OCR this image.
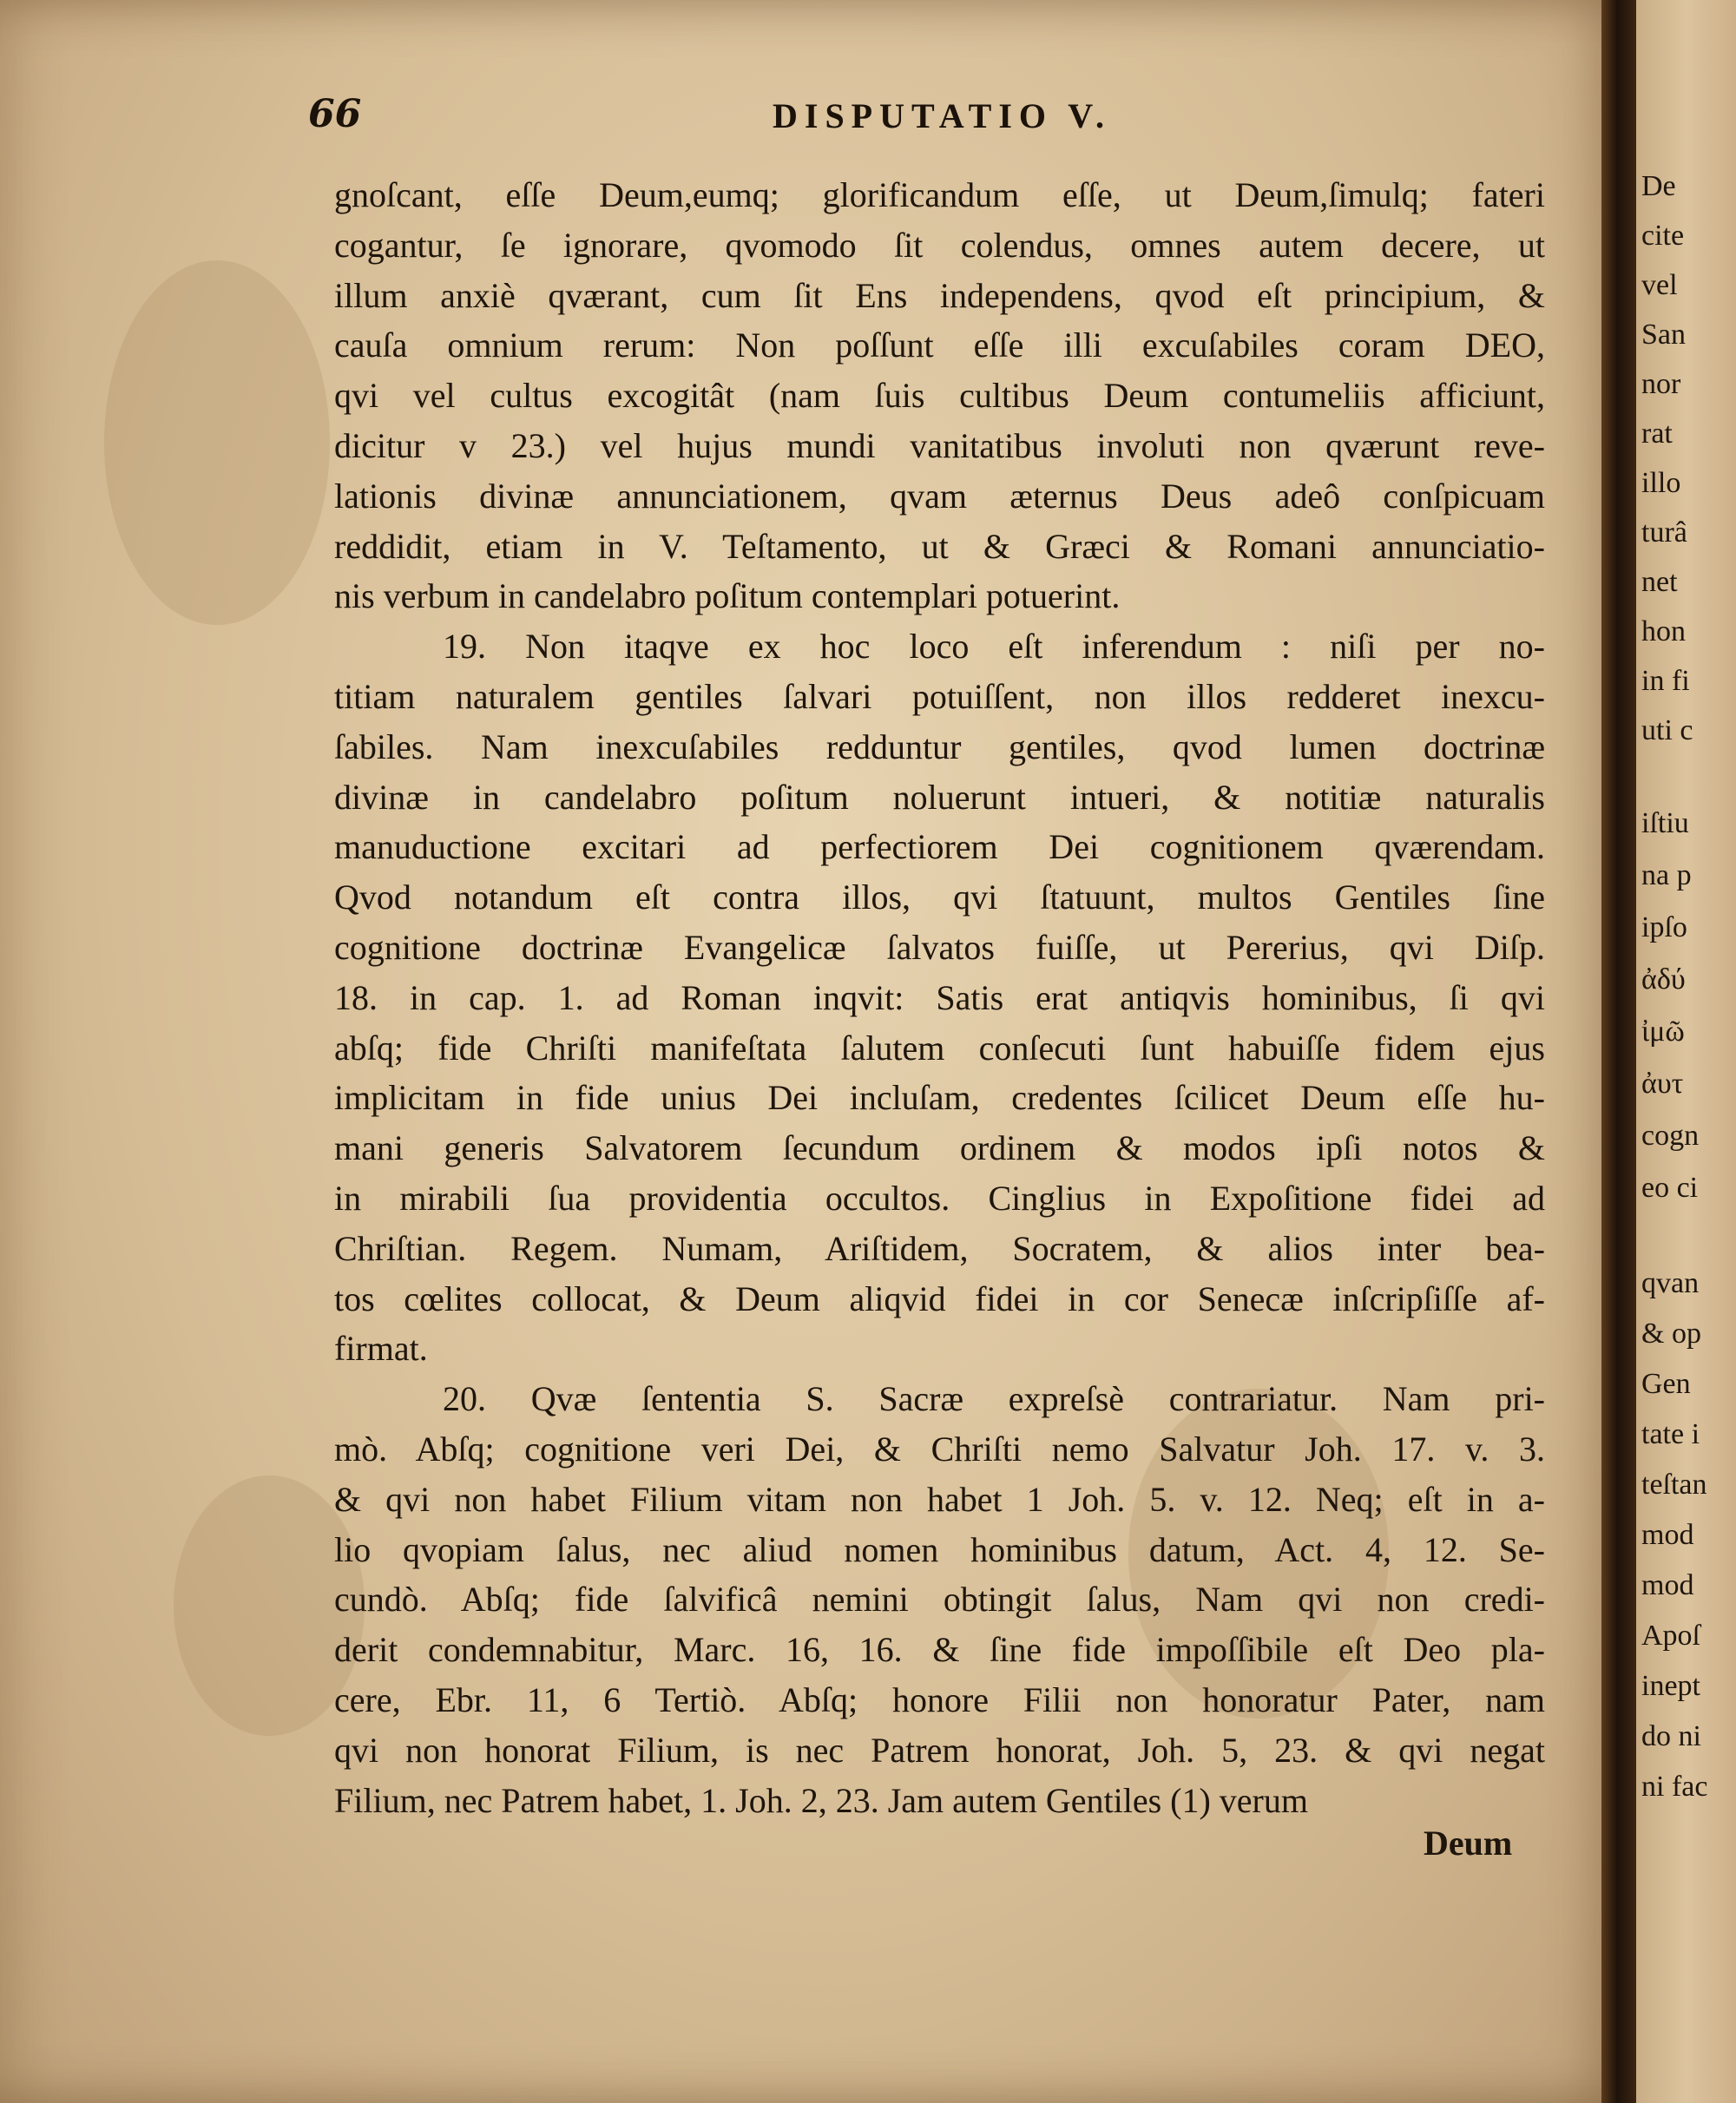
66	DISPUTATIO V.
gnoſcant, eſſe Deum,eumq; glorificandum eſſe, ut Deum,ſimulq; fateri
cogantur, ſe ignorare, qvomodo ſit colendus, omnes autem decere, ut
illum anxiè qværant, cum ſit Ens independens, qvod eſt principium, &
cauſa omnium rerum: Non poſſunt eſſe illi excuſabiles coram DEO,
qvi vel cultus excogitât (nam ſuis cultibus Deum contumeliis afficiunt,
dicitur v 23.) vel hujus mundi vanitatibus involuti non qværunt reve-
lationis divinæ annunciationem, qvam æternus Deus adeô conſpicuam
reddidit, etiam in V. Teſtamento, ut & Græci & Romani annunciatio-
nis verbum in candelabro poſitum contemplari potuerint.
19. Non itaqve ex hoc loco eſt inferendum : niſi per no-
titiam naturalem gentiles ſalvari potuiſſent, non illos redderet inexcu-
ſabiles. Nam inexcuſabiles redduntur gentiles, qvod lumen doctrinæ
divinæ in candelabro poſitum noluerunt intueri, & notitiæ naturalis
manuductione excitari ad perfectiorem Dei cognitionem qværendam.
Qvod notandum eſt contra illos, qvi ſtatuunt, multos Gentiles ſine
cognitione doctrinæ Evangelicæ ſalvatos fuiſſe, ut Pererius, qvi Diſp.
18. in cap. 1. ad Roman inqvit: Satis erat antiqvis hominibus, ſi qvi
abſq; fide Chriſti manifeſtata ſalutem conſecuti ſunt habuiſſe fidem ejus
implicitam in fide unius Dei incluſam, credentes ſcilicet Deum eſſe hu-
mani generis Salvatorem ſecundum ordinem & modos ipſi notos &
in mirabili ſua providentia occultos. Cinglius in Expoſitione fidei ad
Chriſtian. Regem. Numam, Ariſtidem, Socratem, & alios inter bea-
tos cœlites collocat, & Deum aliqvid fidei in cor Senecæ inſcripſiſſe af-
firmat.
20. Qvæ ſententia S. Sacræ expreſsè contrariatur. Nam pri-
mò. Abſq; cognitione veri Dei, & Chriſti nemo Salvatur Joh. 17. v. 3.
& qvi non habet Filium vitam non habet 1 Joh. 5. v. 12. Neq; eſt in a-
lio qvopiam ſalus, nec aliud nomen hominibus datum, Act. 4, 12. Se-
cundò. Abſq; fide ſalvificâ nemini obtingit ſalus, Nam qvi non credi-
derit condemnabitur, Marc. 16, 16. & ſine fide impoſſibile eſt Deo pla-
cere, Ebr. 11, 6 Tertiò. Abſq; honore Filii non honoratur Pater, nam
qvi non honorat Filium, is nec Patrem honorat, Joh. 5, 23. & qvi negat
Filium, nec Patrem habet, 1. Joh. 2, 23. Jam autem Gentiles (1) verum
Deum
De
cite
vel
San
nor
rat
illo
turâ
net
hon
in fi
uti c
iſtiu
na p
ipſo
ἀδύ
ἰμῶ
ἀυτ
cogn
eo ci
qvan
& op
Gen
tate i
teſtan
mod
mod
Apoſ
inept
do ni
ni fac
